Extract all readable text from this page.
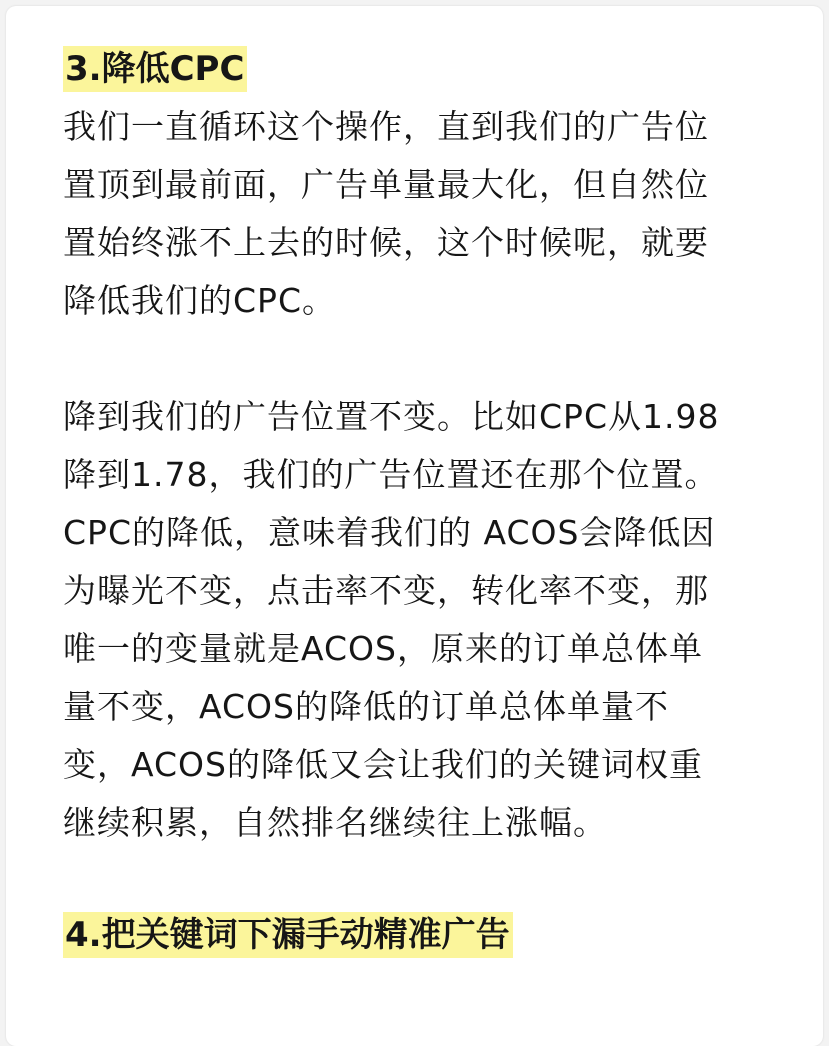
3.降低CPC

我们一直循环这个操作，直到我们的广告位
置顶到最前面，广告单量最大化，但自然位
置始终涨不上去的时候，这个时候呢，就要
降低我们的CPC。

降到我们的广告位置不变。比如CPC从1.98
降到1.78，我们的广告位置还在那个位置。
CPC的降低，意味着我们的 ACOS会降低因
为曝光不变，点击率不变，转化率不变，那
唯一的变量就是ACOS，原来的订单总体单
量不变，ACOS的降低的订单总体单量不
变，ACOS的降低又会让我们的关键词权重
继续积累，自然排名继续往上涨幅。

4.把关键词下漏手动精准广告
